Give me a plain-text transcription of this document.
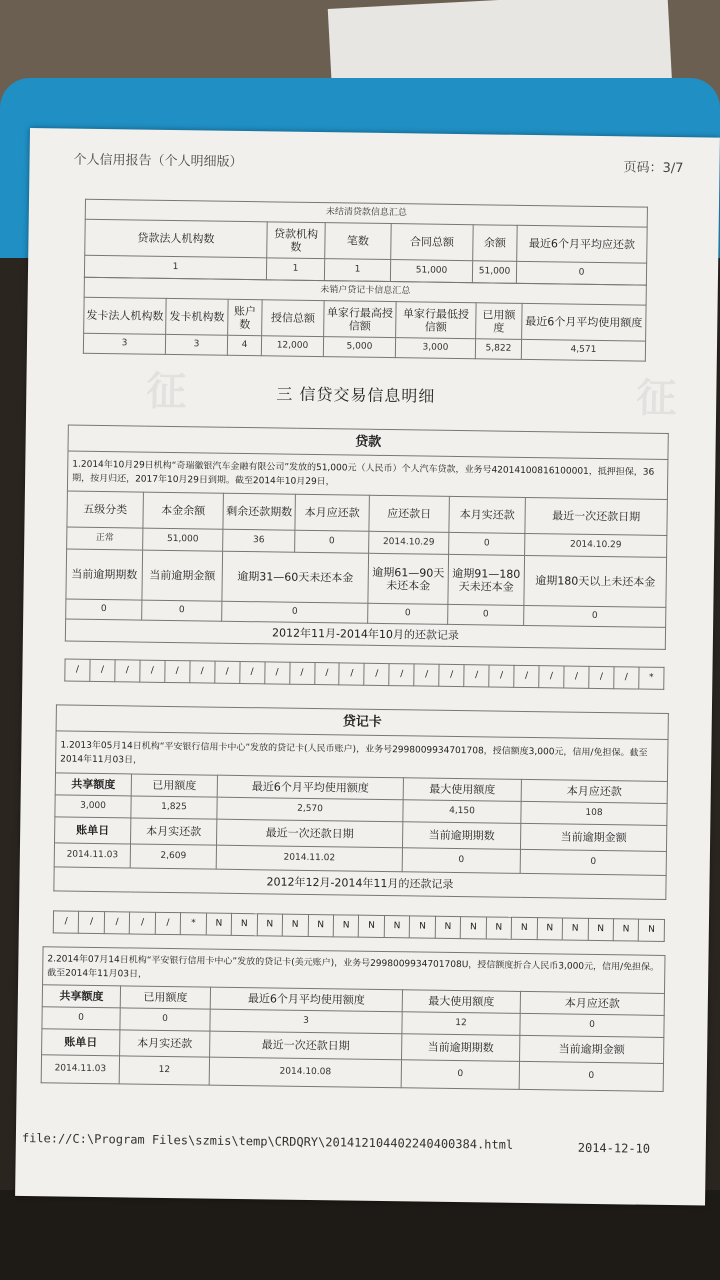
个人信用报告（个人明细版）	页码：3/7
征	征
未结清贷款信息汇总					
贷款法人机构数	贷款机构数	笔数	合同总额	余额	最近6个月平均应还款
1	1	1	51,000	51,000	0
未销户贷记卡信息汇总							
发卡法人机构数	发卡机构数	账户数	授信总额	单家行最高授信额	单家行最低授信额	已用额度	最近6个月平均使用额度
3	3	4	12,000	5,000	3,000	5,822	4,571
三 信贷交易信息明细
贷款						
1.2014年10月29日机构“奇瑞徽银汽车金融有限公司”发放的51,000元（人民币）个人汽车贷款，业务号42014100816100001，抵押担保，36期，按月归还，2017年10月29日到期。截至2014年10月29日，						
五级分类	本金余额	剩余还款期数	本月应还款	应还款日	本月实还款	最近一次还款日期
正常	51,000	36	0	2014.10.29	0	2014.10.29
当前逾期期数	当前逾期金额	逾期31—60天未还本金		逾期61—90天未还本金	逾期91—180天未还本金	逾期180天以上未还本金
0	0	0		0	0	0
2012年11月-2014年10月的还款记录						
/	/	/	/	/	/	/	/	/	/	/	/	/	/	/	/	/	/	/	/	/	/	/	*
贷记卡				
1.2013年05月14日机构“平安银行信用卡中心”发放的贷记卡(人民币账户)，业务号2998009934701708，授信额度3,000元，信用/免担保。截至2014年11月03日，				
共享额度	已用额度	最近6个月平均使用额度	最大使用额度	本月应还款
3,000	1,825	2,570	4,150	108
账单日	本月实还款	最近一次还款日期	当前逾期期数	当前逾期金额
2014.11.03	2,609	2014.11.02	0	0
2012年12月-2014年11月的还款记录				
/	/	/	/	/	*	N	N	N	N	N	N	N	N	N	N	N	N	N	N	N	N	N	N
2.2014年07月14日机构“平安银行信用卡中心”发放的贷记卡(美元账户)，业务号2998009934701708U，授信额度折合人民币3,000元，信用/免担保。截至2014年11月03日，				
共享额度	已用额度	最近6个月平均使用额度	最大使用额度	本月应还款
0	0	3	12	0
账单日	本月实还款	最近一次还款日期	当前逾期期数	当前逾期金额
2014.11.03	12	2014.10.08	0	0
file://C:\Program Files\szmis\temp\CRDQRY\201412104402240400384.html	2014-12-10
